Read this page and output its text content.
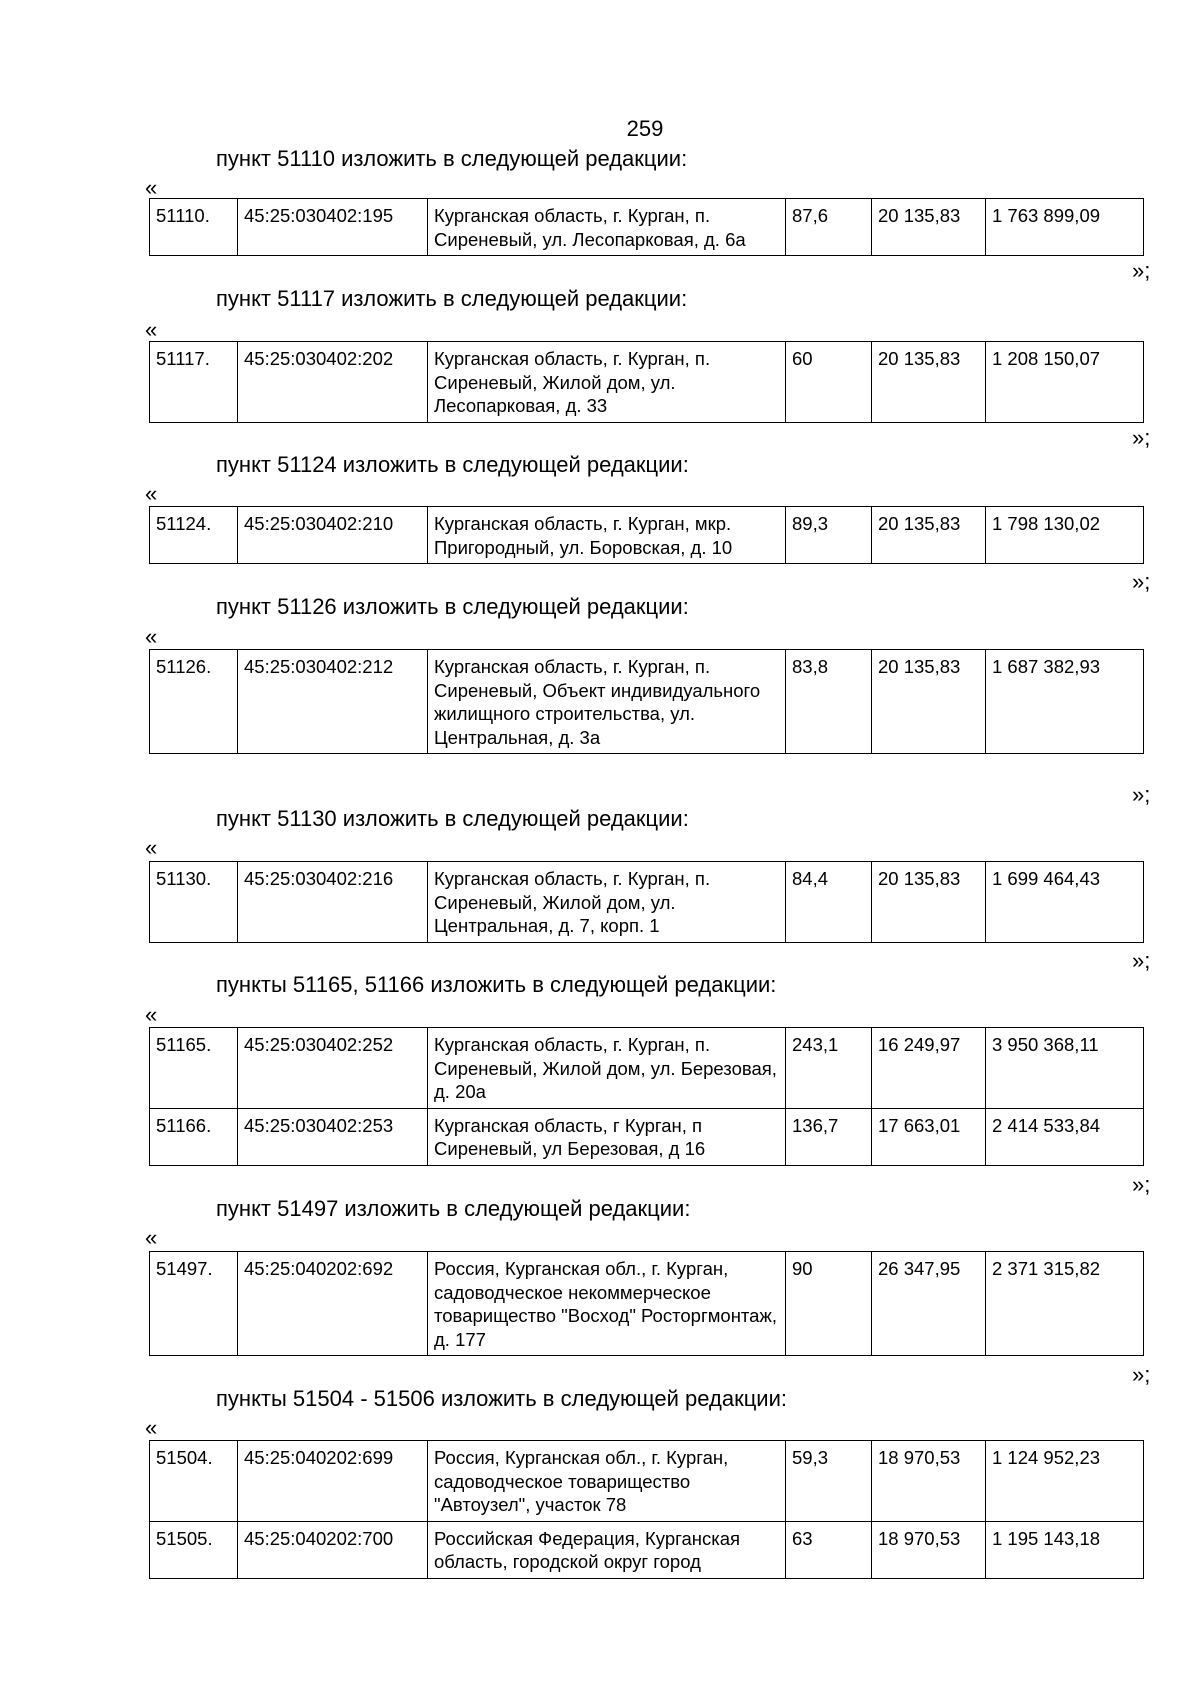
259
пункт 51110 изложить в следующей редакции:
«
51110.	45:25:030402:195	Курганская область, г. Курган, п. Сиреневый, ул. Лесопарковая, д. 6а	87,6	20 135,83	1 763 899,09
»;
пункт 51117 изложить в следующей редакции:
«
51117.	45:25:030402:202	Курганская область, г. Курган, п. Сиреневый, Жилой дом, ул. Лесопарковая, д. 33	60	20 135,83	1 208 150,07
»;
пункт 51124 изложить в следующей редакции:
«
51124.	45:25:030402:210	Курганская область, г. Курган, мкр. Пригородный, ул. Боровская, д. 10	89,3	20 135,83	1 798 130,02
»;
пункт 51126 изложить в следующей редакции:
«
51126.	45:25:030402:212	Курганская область, г. Курган, п. Сиреневый, Объект индивидуального жилищного строительства, ул. Центральная, д. 3а	83,8	20 135,83	1 687 382,93
»;
пункт 51130 изложить в следующей редакции:
«
51130.	45:25:030402:216	Курганская область, г. Курган, п. Сиреневый, Жилой дом, ул. Центральная, д. 7, корп. 1	84,4	20 135,83	1 699 464,43
»;
пункты 51165, 51166 изложить в следующей редакции:
«
51165.	45:25:030402:252	Курганская область, г. Курган, п. Сиреневый, Жилой дом, ул. Березовая, д. 20а	243,1	16 249,97	3 950 368,11
51166.	45:25:030402:253	Курганская область, г Курган, п Сиреневый, ул Березовая, д 16	136,7	17 663,01	2 414 533,84
»;
пункт 51497 изложить в следующей редакции:
«
51497.	45:25:040202:692	Россия, Курганская обл., г. Курган, садоводческое некоммерческое товарищество "Восход" Росторгмонтаж, д. 177	90	26 347,95	2 371 315,82
»;
пункты 51504 - 51506 изложить в следующей редакции:
«
51504.	45:25:040202:699	Россия, Курганская обл., г. Курган, садоводческое товарищество "Автоузел", участок 78	59,3	18 970,53	1 124 952,23
51505.	45:25:040202:700	Российская Федерация, Курганская область, городской округ город	63	18 970,53	1 195 143,18
